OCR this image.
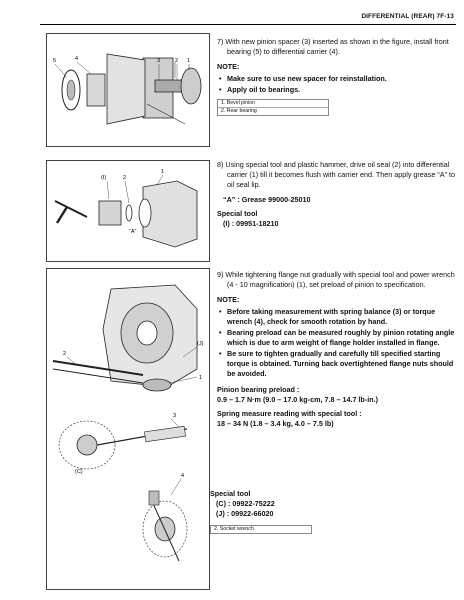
DIFFERENTIAL (REAR) 7F-13
5	4	3	2 1
7) With new pinion spacer (3) inserted as shown in the figure, install front bearing (5) to differential carrier (4).
NOTE:
• Make sure to use new spacer for reinstallation.
• Apply oil to bearings.
1. Bevel pinion
2. Rear bearing
(I)	2
1
“A”
8) Using special tool and plastic hammer, drive oil seal (2) into differential carrier (1) till it becomes flush with carrier end. Then apply grease “A” to oil seal lip.
“A” : Grease 99000-25010
Special tool
(I) : 09951-18210
(J)
2
1
3
(C)
4
9) While tightening flange nut gradually with special tool and power wrench (4 - 10 magnification) (1), set preload of pinion to specification.
NOTE:
• Before taking measurement with spring balance (3) or torque wrench (4), check for smooth rotation by hand.
• Bearing preload can be measured roughly by pinion rotating angle which is due to arm weight of flange holder installed in flange.
• Be sure to tighten gradually and carefully till specified starting torque is obtained. Turning back overtightened flange nuts should be avoided.
Pinion bearing preload :
0.9 – 1.7 N·m (9.0 – 17.0 kg-cm, 7.8 – 14.7 lb-in.)
Spring measure reading with special tool :
18 – 34 N (1.8 – 3.4 kg, 4.0 – 7.5 lb)
Special tool
(C) : 09922-75222
(J) : 09922-66020
2. Socket wrench
